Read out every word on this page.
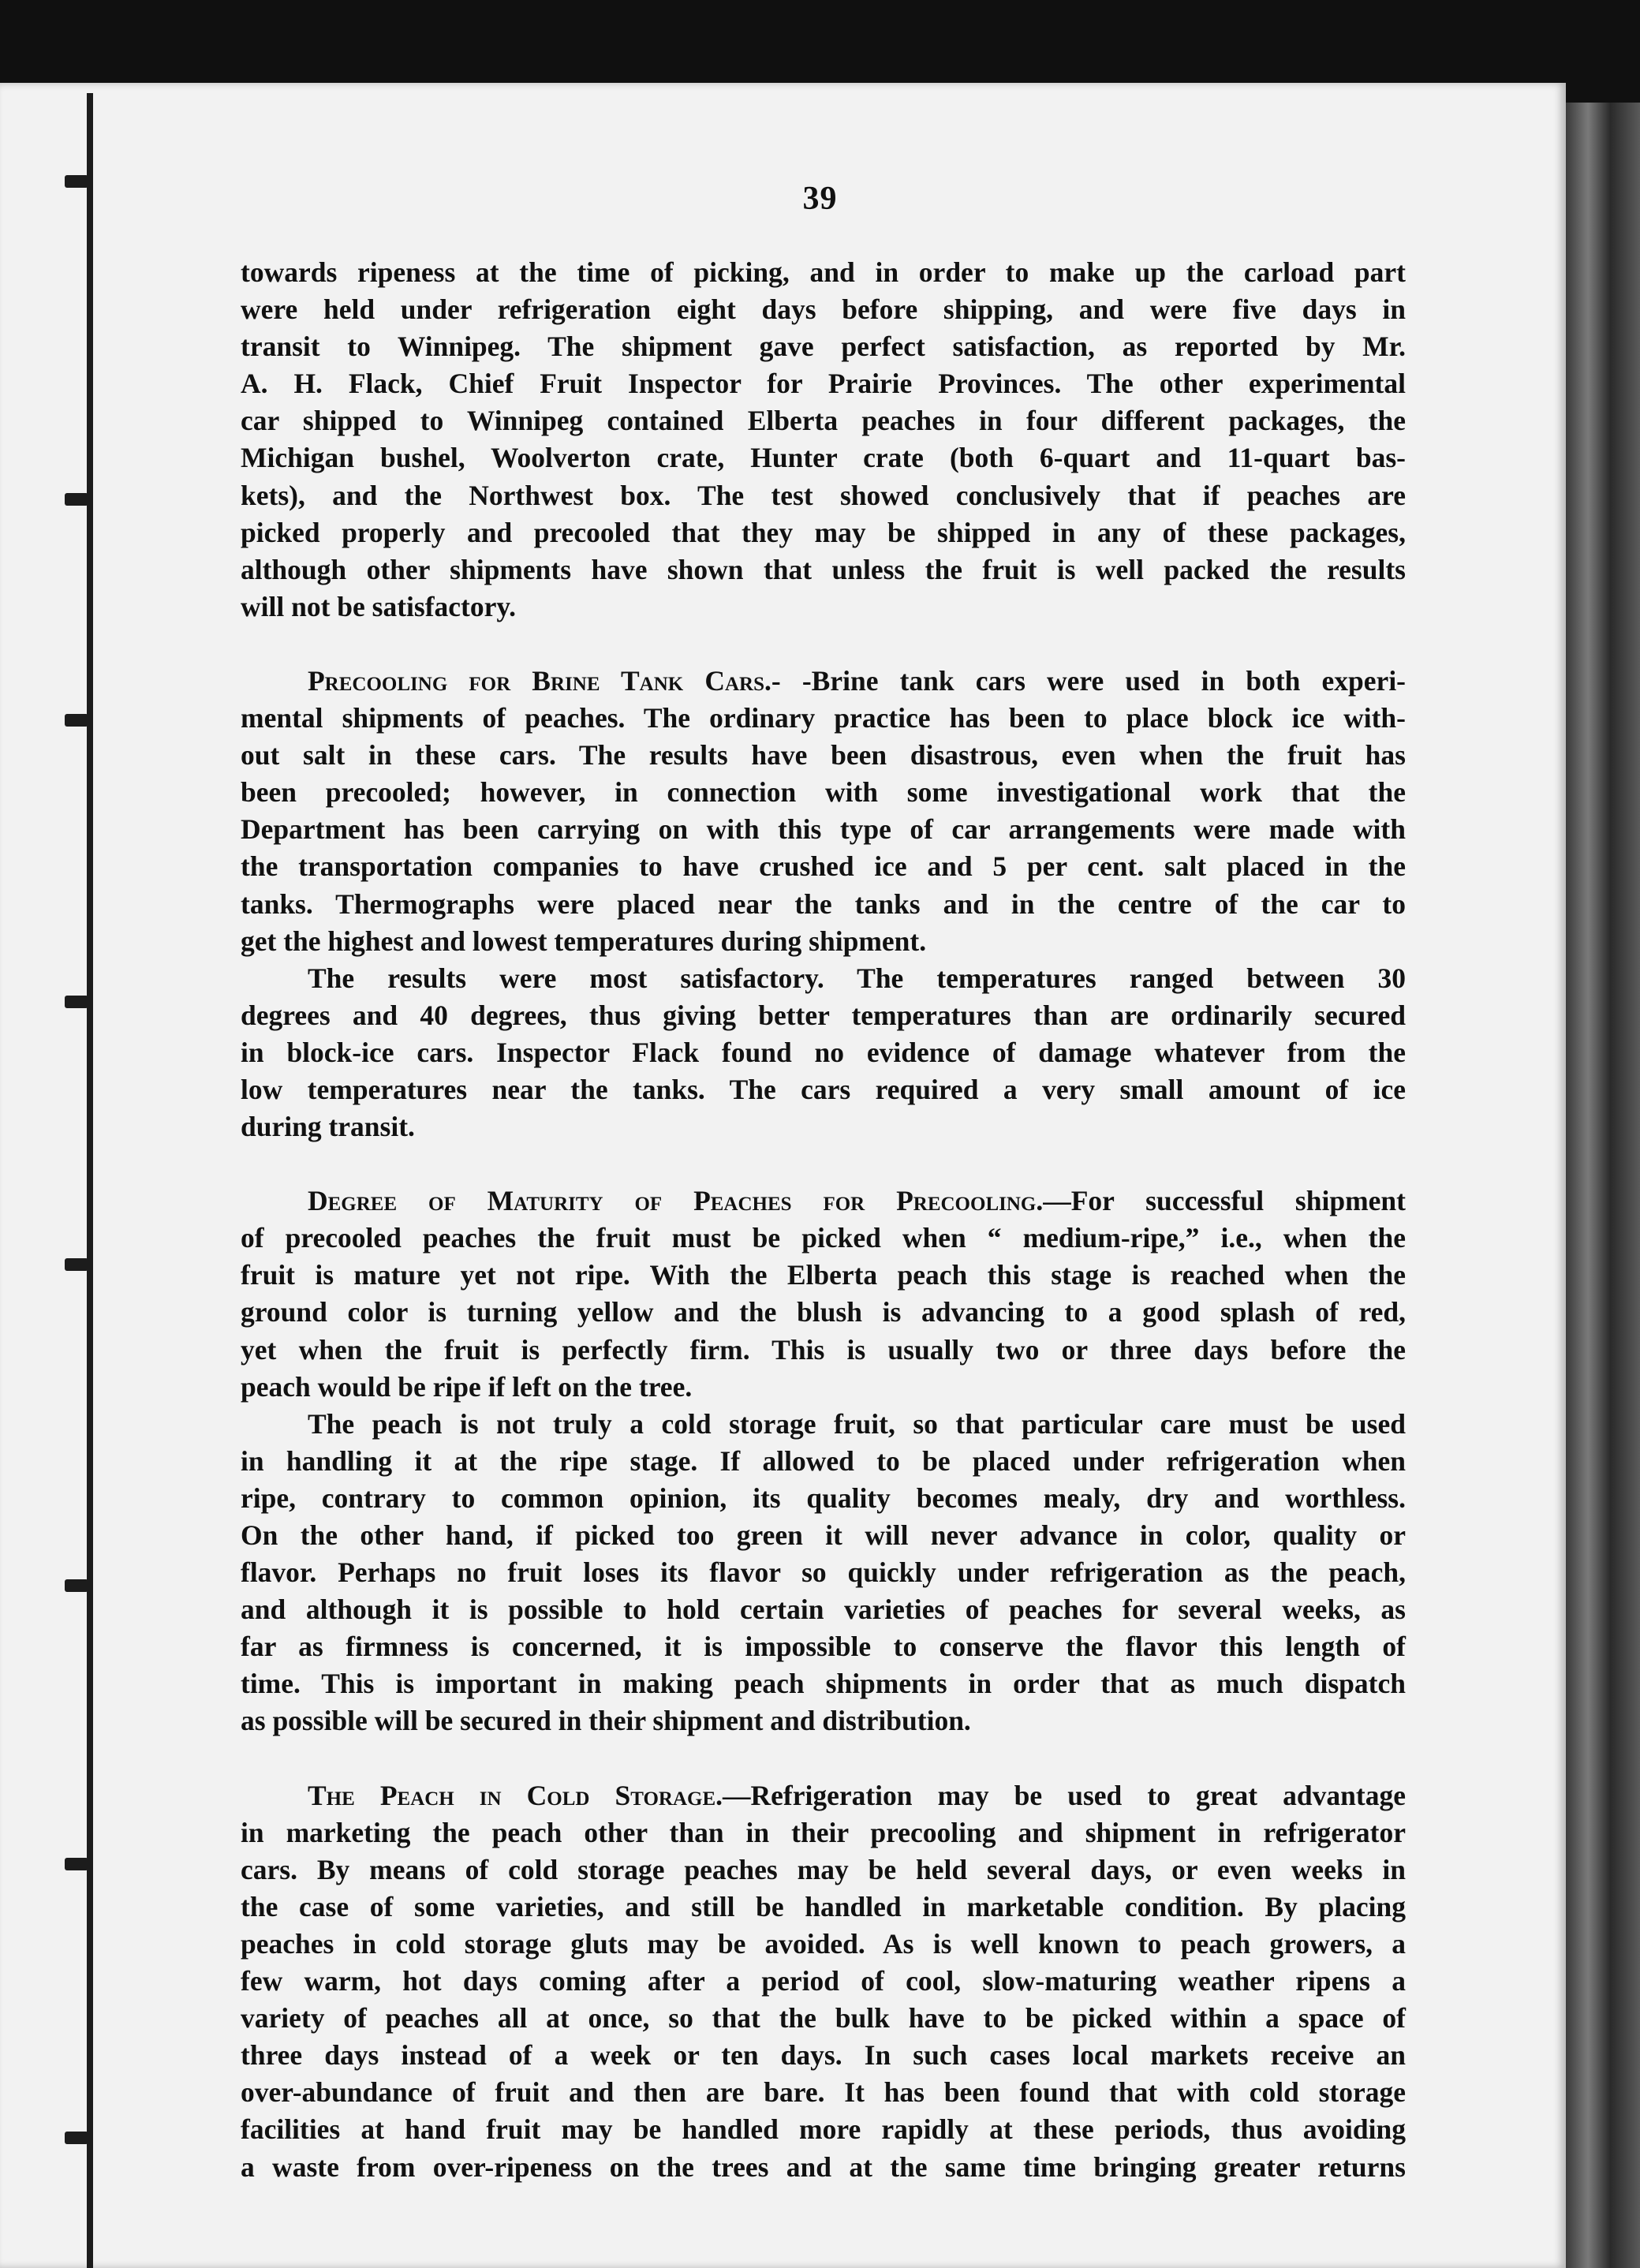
39

towards ripeness at the time of picking, and in order to make up the carload part

were held under refrigeration eight days before shipping, and were five days in

transit to Winnipeg. The shipment gave perfect satisfaction, as reported by Mr.

A. H. Flack, Chief Fruit Inspector for Prairie Provinces. The other experimental

car shipped to Winnipeg contained Elberta peaches in four different packages, the

Michigan bushel, Woolverton crate, Hunter crate (both 6-quart and 11-quart bas-

kets), and the Northwest box. The test showed conclusively that if peaches are

picked properly and precooled that they may be shipped in any of these packages,

although other shipments have shown that unless the fruit is well packed the results

will not be satisfactory.

Precooling for Brine Tank Cars.- -Brine tank cars were used in both experi-

mental shipments of peaches. The ordinary practice has been to place block ice with-

out salt in these cars. The results have been disastrous, even when the fruit has

been precooled; however, in connection with some investigational work that the

Department has been carrying on with this type of car arrangements were made with

the transportation companies to have crushed ice and 5 per cent. salt placed in the

tanks. Thermographs were placed near the tanks and in the centre of the car to

get the highest and lowest temperatures during shipment.

The results were most satisfactory. The temperatures ranged between 30

degrees and 40 degrees, thus giving better temperatures than are ordinarily secured

in block-ice cars. Inspector Flack found no evidence of damage whatever from the

low temperatures near the tanks. The cars required a very small amount of ice

during transit.

Degree of Maturity of Peaches for Precooling.—For successful shipment

of precooled peaches the fruit must be picked when “ medium-ripe,” i.e., when the

fruit is mature yet not ripe. With the Elberta peach this stage is reached when the

ground color is turning yellow and the blush is advancing to a good splash of red,

yet when the fruit is perfectly firm. This is usually two or three days before the

peach would be ripe if left on the tree.

The peach is not truly a cold storage fruit, so that particular care must be used

in handling it at the ripe stage. If allowed to be placed under refrigeration when

ripe, contrary to common opinion, its quality becomes mealy, dry and worthless.

On the other hand, if picked too green it will never advance in color, quality or

flavor. Perhaps no fruit loses its flavor so quickly under refrigeration as the peach,

and although it is possible to hold certain varieties of peaches for several weeks, as

far as firmness is concerned, it is impossible to conserve the flavor this length of

time. This is important in making peach shipments in order that as much dispatch

as possible will be secured in their shipment and distribution.

The Peach in Cold Storage.—Refrigeration may be used to great advantage

in marketing the peach other than in their precooling and shipment in refrigerator

cars. By means of cold storage peaches may be held several days, or even weeks in

the case of some varieties, and still be handled in marketable condition. By placing

peaches in cold storage gluts may be avoided. As is well known to peach growers, a

few warm, hot days coming after a period of cool, slow-maturing weather ripens a

variety of peaches all at once, so that the bulk have to be picked within a space of

three days instead of a week or ten days. In such cases local markets receive an

over-abundance of fruit and then are bare. It has been found that with cold storage

facilities at hand fruit may be handled more rapidly at these periods, thus avoiding

a waste from over-ripeness on the trees and at the same time bringing greater returns
